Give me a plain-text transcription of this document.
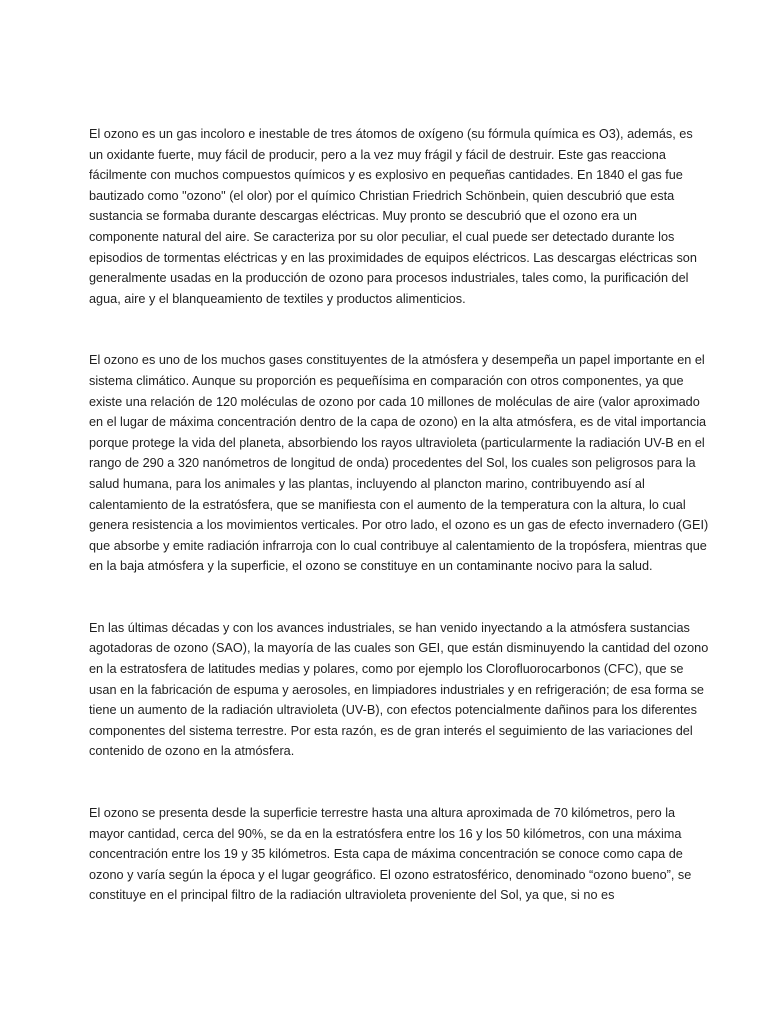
El ozono es un gas incoloro e inestable de tres átomos de oxígeno (su fórmula química es O3), además, es un oxidante fuerte, muy fácil de producir, pero a la vez muy frágil y fácil de destruir. Este gas reacciona fácilmente con muchos compuestos químicos y es explosivo en pequeñas cantidades. En 1840 el gas fue bautizado como "ozono" (el olor) por el químico Christian Friedrich Schönbein, quien descubrió que esta sustancia se formaba durante descargas eléctricas. Muy pronto se descubrió que el ozono era un componente natural del aire. Se caracteriza por su olor peculiar, el cual puede ser detectado durante los episodios de tormentas eléctricas y en las proximidades de equipos eléctricos. Las descargas eléctricas son generalmente usadas en la producción de ozono para procesos industriales, tales como, la purificación del agua, aire y el blanqueamiento de textiles y productos alimenticios.

El ozono es uno de los muchos gases constituyentes de la atmósfera y desempeña un papel importante en el sistema climático. Aunque su proporción es pequeñísima en comparación con otros componentes, ya que existe una relación de 120 moléculas de ozono por cada 10 millones de moléculas de aire (valor aproximado en el lugar de máxima concentración dentro de la capa de ozono) en la alta atmósfera, es de vital importancia porque protege la vida del planeta, absorbiendo los rayos ultravioleta (particularmente la radiación UV-B en el rango de 290 a 320 nanómetros de longitud de onda) procedentes del Sol, los cuales son peligrosos para la salud humana, para los animales y las plantas, incluyendo al plancton marino, contribuyendo así al calentamiento de la estratósfera, que se manifiesta con el aumento de la temperatura con la altura, lo cual genera resistencia a los movimientos verticales. Por otro lado, el ozono es un gas de efecto invernadero (GEI) que absorbe y emite radiación infrarroja con lo cual contribuye al calentamiento de la tropósfera, mientras que en la baja atmósfera y la superficie, el ozono se constituye en un contaminante nocivo para la salud.

En las últimas décadas y con los avances industriales, se han venido inyectando a la atmósfera sustancias agotadoras de ozono (SAO), la mayoría de las cuales son GEI, que están disminuyendo la cantidad del ozono en la estratosfera de latitudes medias y polares, como por ejemplo los Clorofluorocarbonos (CFC), que se usan en la fabricación de espuma y aerosoles, en limpiadores industriales y en refrigeración; de esa forma se tiene un aumento de la radiación ultravioleta (UV-B), con efectos potencialmente dañinos para los diferentes componentes del sistema terrestre. Por esta razón, es de gran interés el seguimiento de las variaciones del contenido de ozono en la atmósfera.

El ozono se presenta desde la superficie terrestre hasta una altura aproximada de 70 kilómetros, pero la mayor cantidad, cerca del 90%, se da en la estratósfera entre los 16 y los 50 kilómetros, con una máxima concentración entre los 19 y 35 kilómetros. Esta capa de máxima concentración se conoce como capa de ozono y varía según la época y el lugar geográfico. El ozono estratosférico, denominado “ozono bueno”, se constituye en el principal filtro de la radiación ultravioleta proveniente del Sol, ya que, si no es
